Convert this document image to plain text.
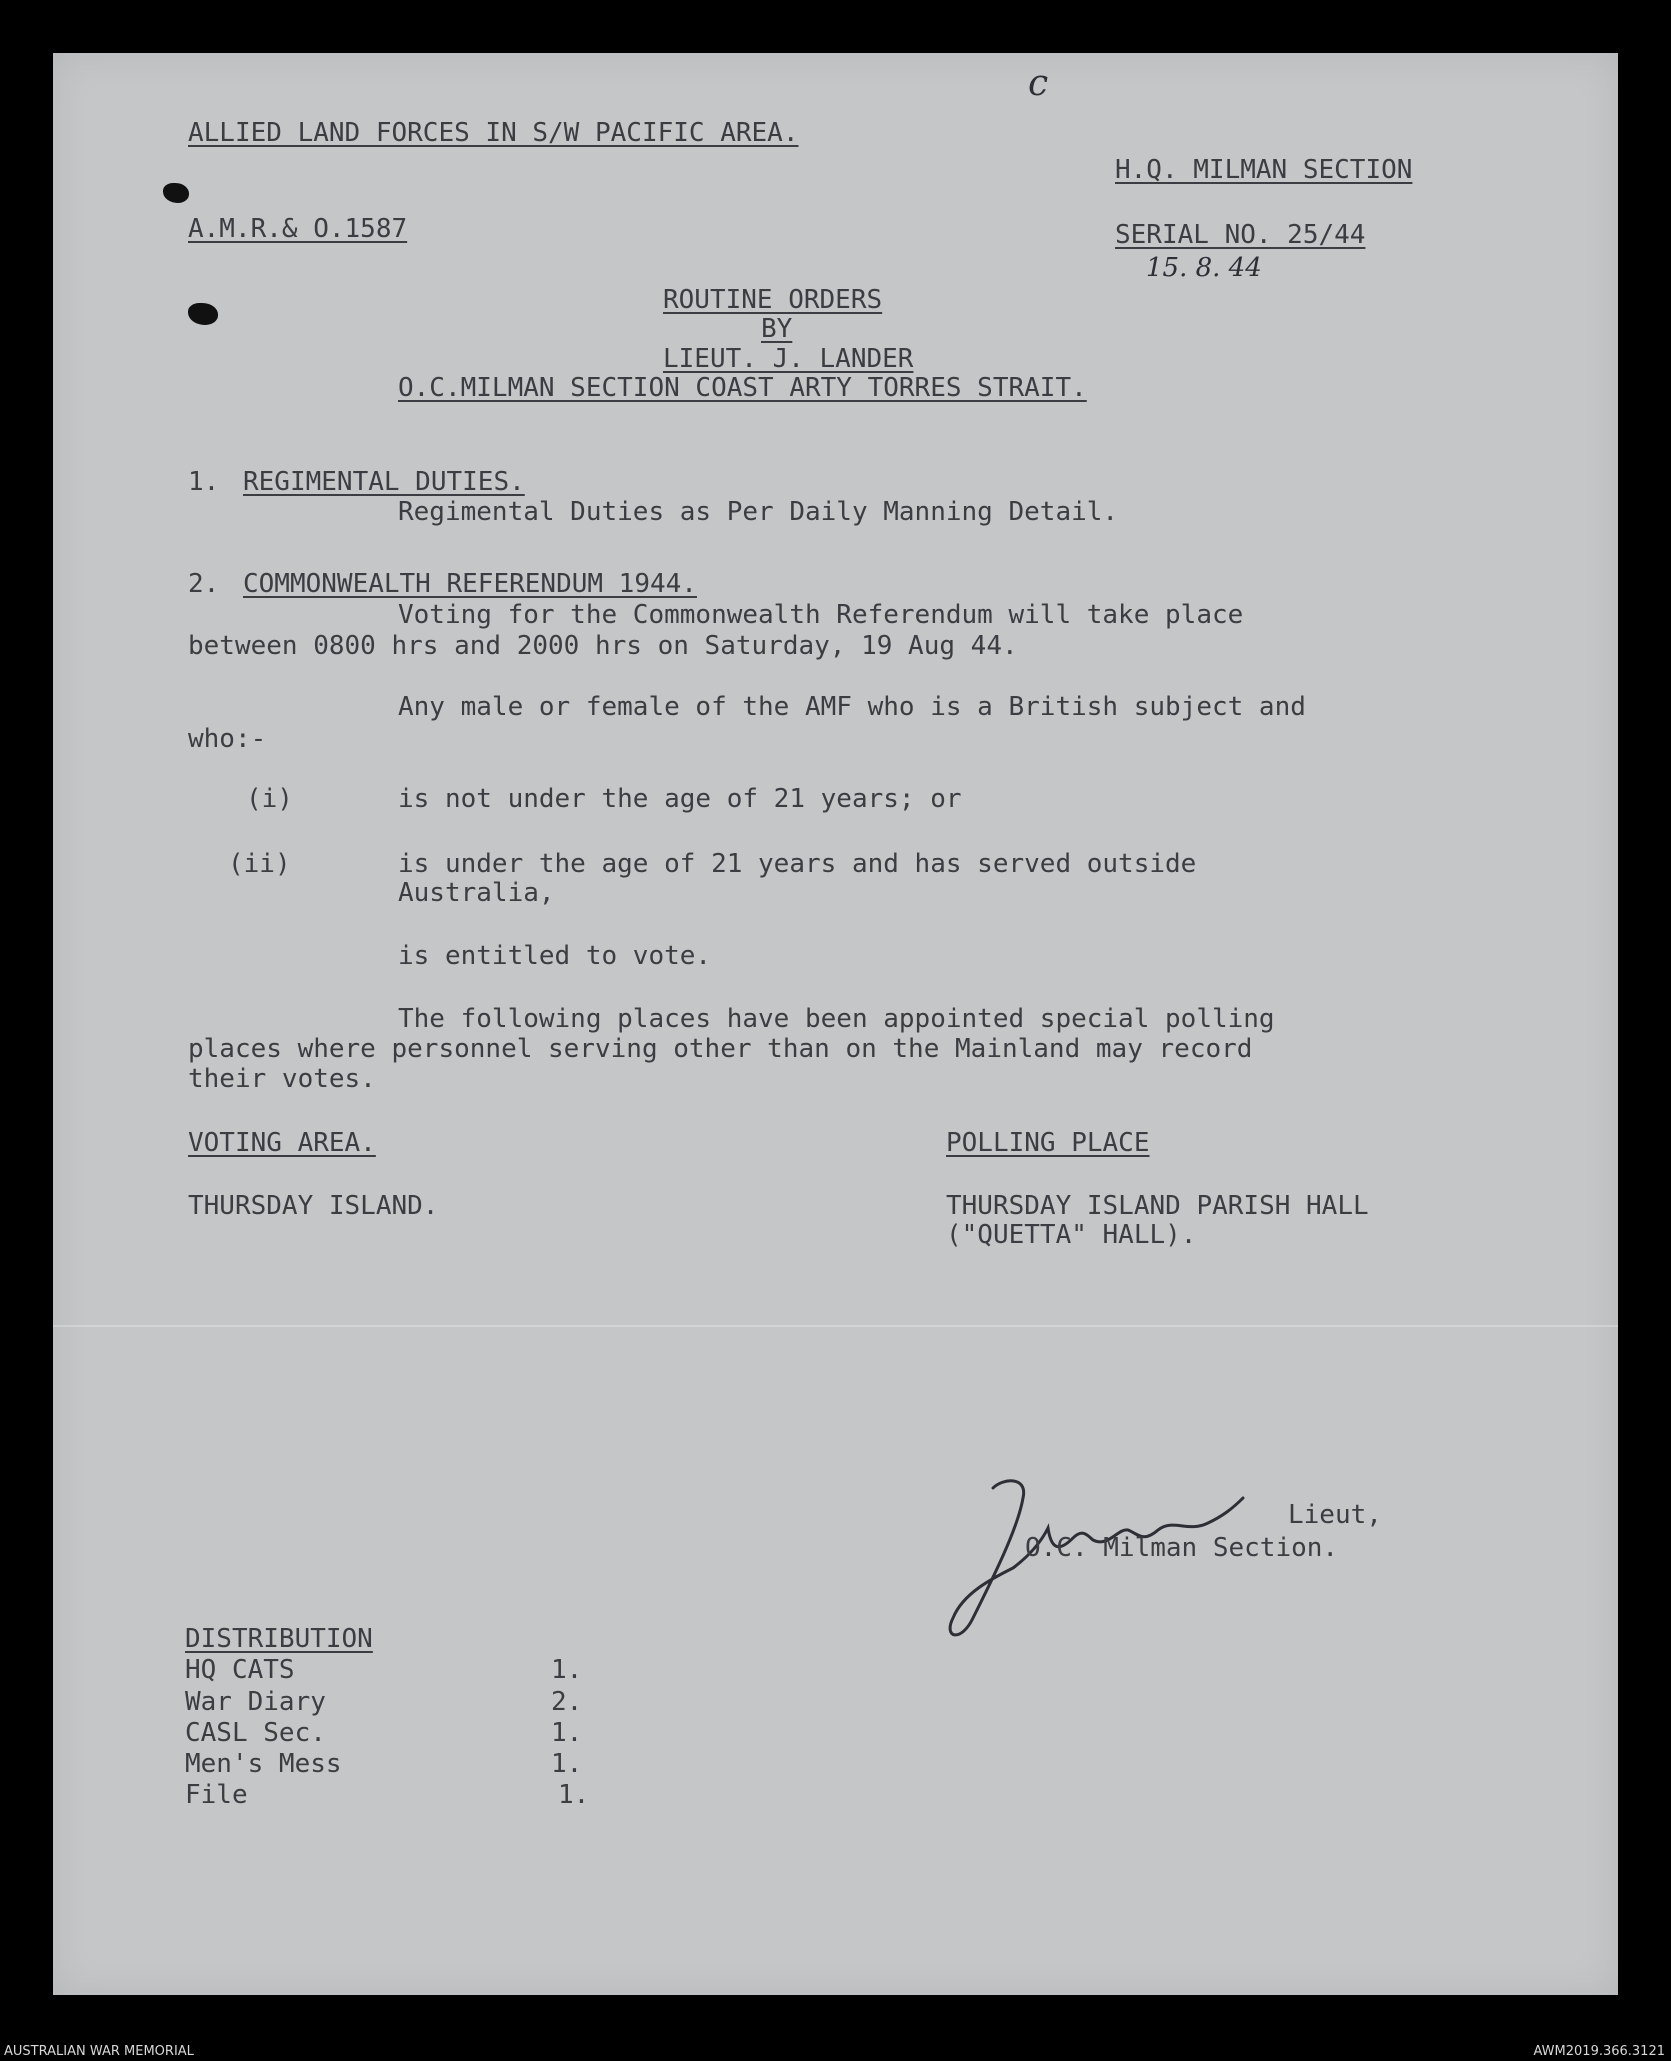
c
ALLIED LAND FORCES IN S/W PACIFIC AREA.
H.Q. MILMAN SECTION
A.M.R.& O.1587	SERIAL NO. 25/44
15. 8. 44
ROUTINE ORDERS
BY
LIEUT. J. LANDER
O.C.MILMAN SECTION COAST ARTY TORRES STRAIT.
1. REGIMENTAL DUTIES.
Regimental Duties as Per Daily Manning Detail.
2. COMMONWEALTH REFERENDUM 1944.
Voting for the Commonwealth Referendum will take place
between 0800 hrs and 2000 hrs on Saturday, 19 Aug 44.
Any male or female of the AMF who is a British subject and
who:-
(i)	is not under the age of 21 years; or
(ii)	is under the age of 21 years and has served outside
Australia,
is entitled to vote.
The following places have been appointed special polling
places where personnel serving other than on the Mainland may record
their votes.
VOTING AREA.	POLLING PLACE
THURSDAY ISLAND.	THURSDAY ISLAND PARISH HALL
("QUETTA" HALL).
Lieut,
O.C. Milman Section.
DISTRIBUTION
HQ CATS	1.
War Diary	2.
CASL Sec.	1.
Men's Mess	1.
File	1.
AUSTRALIAN WAR MEMORIAL	AWM2019.366.3121
